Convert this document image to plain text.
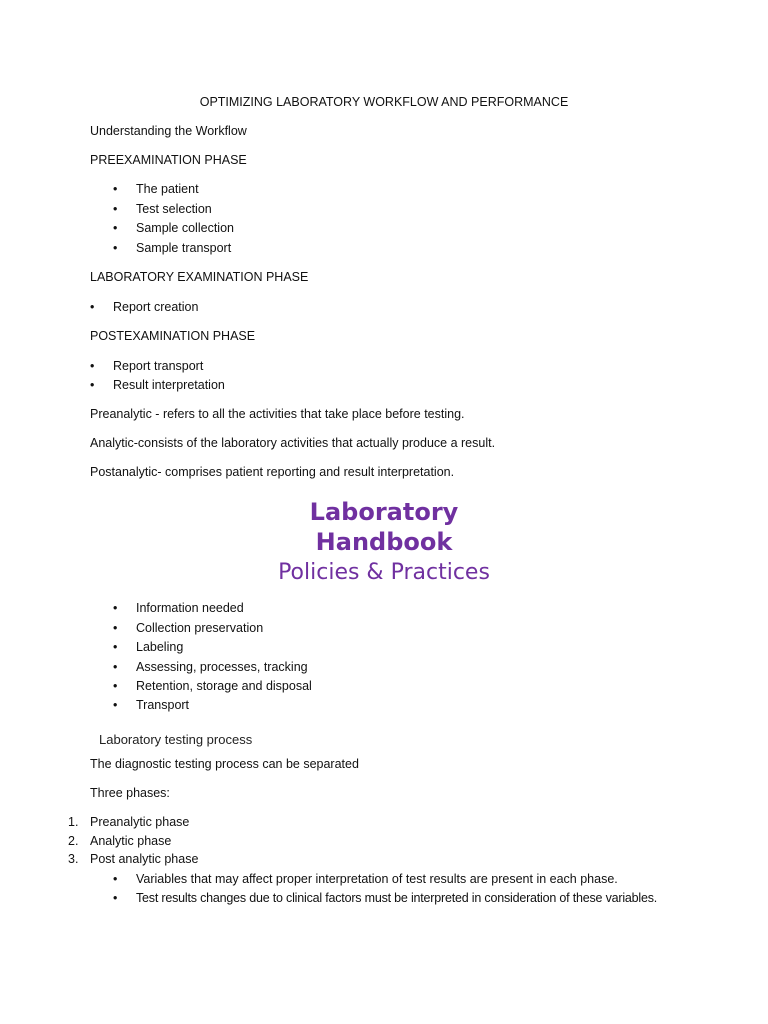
OPTIMIZING LABORATORY WORKFLOW AND PERFORMANCE
Understanding the Workflow
PREEXAMINATION PHASE
• The patient
• Test selection
• Sample collection
• Sample transport
LABORATORY EXAMINATION PHASE
• Report creation
POSTEXAMINATION PHASE
• Report transport
• Result interpretation
Preanalytic - refers to all the activities that take place before testing.
Analytic-consists of the laboratory activities that actually produce a result.
Postanalytic- comprises patient reporting and result interpretation.
Laboratory
Handbook
Policies & Practices
• Information needed
• Collection preservation
• Labeling
• Assessing, processes, tracking
• Retention, storage and disposal
• Transport
Laboratory testing process
The diagnostic testing process can be separated
Three phases:
1. Preanalytic phase
2. Analytic phase
3. Post analytic phase
• Variables that may affect proper interpretation of test results are present in each phase.
• Test results changes due to clinical factors must be interpreted in consideration of these variables.
